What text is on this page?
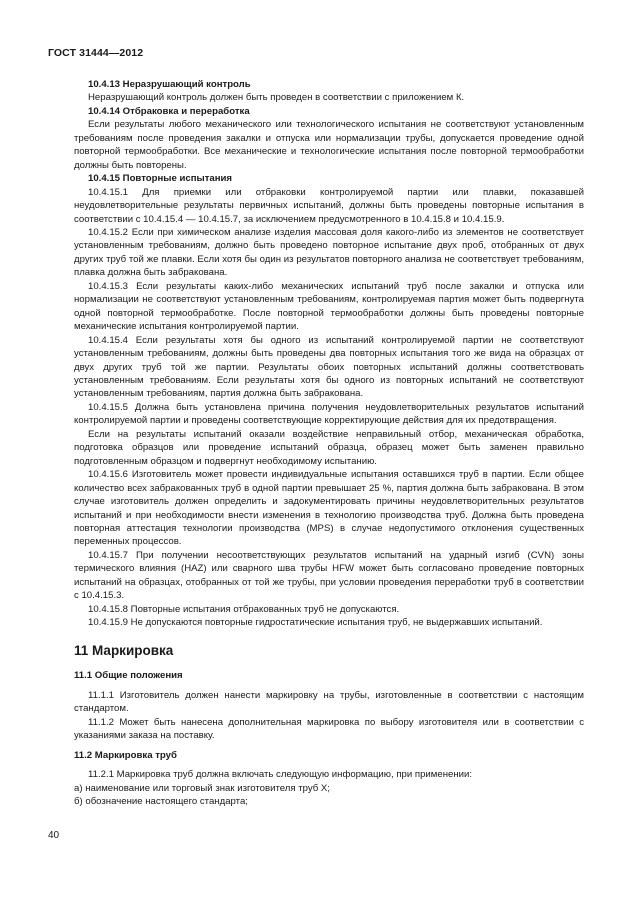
ГОСТ 31444—2012

10.4.13 Неразрушающий контроль

Неразрушающий контроль должен быть проведен в соответствии с приложением К.

10.4.14 Отбраковка и переработка

Если результаты любого механического или технологического испытания не соответствуют установленным требованиям после проведения закалки и отпуска или нормализации трубы, допускается проведение одной повторной термообработки. Все механические и технологические испытания после повторной термообработки должны быть повторены.

10.4.15 Повторные испытания

10.4.15.1 Для приемки или отбраковки контролируемой партии или плавки, показавшей неудовлетворительные результаты первичных испытаний, должны быть проведены повторные испытания в соответствии с 10.4.15.4 — 10.4.15.7, за исключением предусмотренного в 10.4.15.8 и 10.4.15.9.

10.4.15.2 Если при химическом анализе изделия массовая доля какого-либо из элементов не соответствует установленным требованиям, должно быть проведено повторное испытание двух проб, отобранных от двух других труб той же плавки. Если хотя бы один из результатов повторного анализа не соответствует требованиям, плавка должна быть забракована.

10.4.15.3 Если результаты каких-либо механических испытаний труб после закалки и отпуска или нормализации не соответствуют установленным требованиям, контролируемая партия может быть подвергнута одной повторной термообработке. После повторной термообработки должны быть проведены повторные механические испытания контролируемой партии.

10.4.15.4 Если результаты хотя бы одного из испытаний контролируемой партии не соответствуют установленным требованиям, должны быть проведены два повторных испытания того же вида на образцах от двух других труб той же партии. Результаты обоих повторных испытаний должны соответствовать установленным требованиям. Если результаты хотя бы одного из повторных испытаний не соответствуют установленным требованиям, партия должна быть забракована.

10.4.15.5 Должна быть установлена причина получения неудовлетворительных результатов испытаний контролируемой партии и проведены соответствующие корректирующие действия для их предотвращения.

Если на результаты испытаний оказали воздействие неправильный отбор, механическая обработка, подготовка образцов или проведение испытаний образца, образец может быть заменен правильно подготовленным образцом и подвергнут необходимому испытанию.

10.4.15.6 Изготовитель может провести индивидуальные испытания оставшихся труб в партии. Если общее количество всех забракованных труб в одной партии превышает 25 %, партия должна быть забракована. В этом случае изготовитель должен определить и задокументировать причины неудовлетворительных результатов испытаний и при необходимости внести изменения в технологию производства труб. Должна быть проведена повторная аттестация технологии производства (MPS) в случае недопустимого отклонения существенных переменных процессов.

10.4.15.7 При получении несоответствующих результатов испытаний на ударный изгиб (CVN) зоны термического влияния (HAZ) или сварного шва трубы HFW может быть согласовано проведение повторных испытаний на образцах, отобранных от той же трубы, при условии проведения переработки труб в соответствии с 10.4.15.3.

10.4.15.8 Повторные испытания отбракованных труб не допускаются.

10.4.15.9 Не допускаются повторные гидростатические испытания труб, не выдержавших испытаний.

11 Маркировка

11.1 Общие положения

11.1.1 Изготовитель должен нанести маркировку на трубы, изготовленные в соответствии с настоящим стандартом.

11.1.2 Может быть нанесена дополнительная маркировка по выбору изготовителя или в соответствии с указаниями заказа на поставку.

11.2 Маркировка труб

11.2.1 Маркировка труб должна включать следующую информацию, при применении:

а) наименование или торговый знак изготовителя труб X;

б) обозначение настоящего стандарта;

40
